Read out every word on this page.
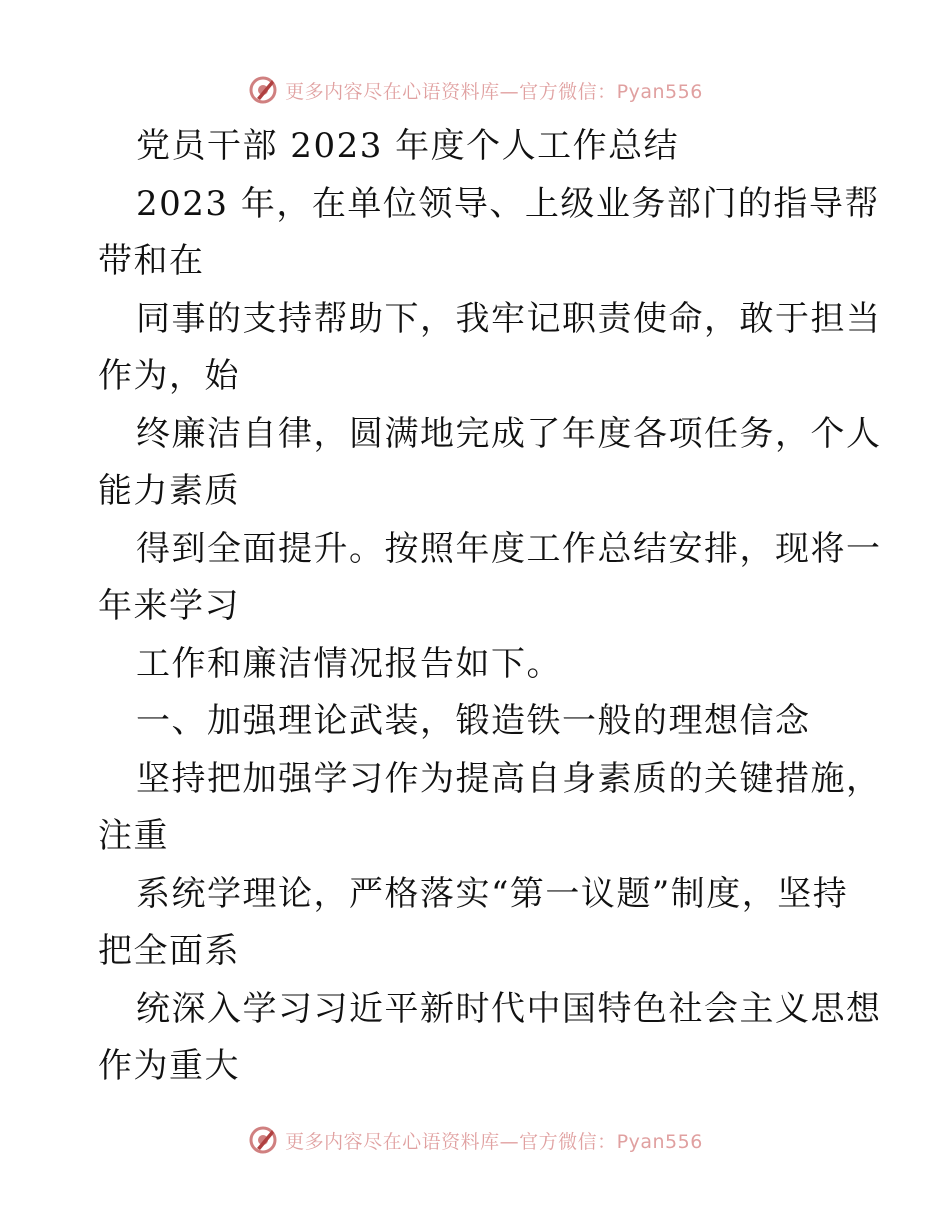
更多内容尽在心语资料库—官方微信：Pyan556
党员干部 2023 年度个人工作总结
2023 年，在单位领导、上级业务部门的指导帮
带和在
同事的支持帮助下，我牢记职责使命，敢于担当
作为，始
终廉洁自律，圆满地完成了年度各项任务，个人
能力素质
得到全面提升。按照年度工作总结安排，现将一
年来学习
工作和廉洁情况报告如下。
一、加强理论武装，锻造铁一般的理想信念
坚持把加强学习作为提高自身素质的关键措施，
注重
系统学理论，严格落实“第一议题”制度，坚持
把全面系
统深入学习习近平新时代中国特色社会主义思想
作为重大
更多内容尽在心语资料库—官方微信：Pyan556
